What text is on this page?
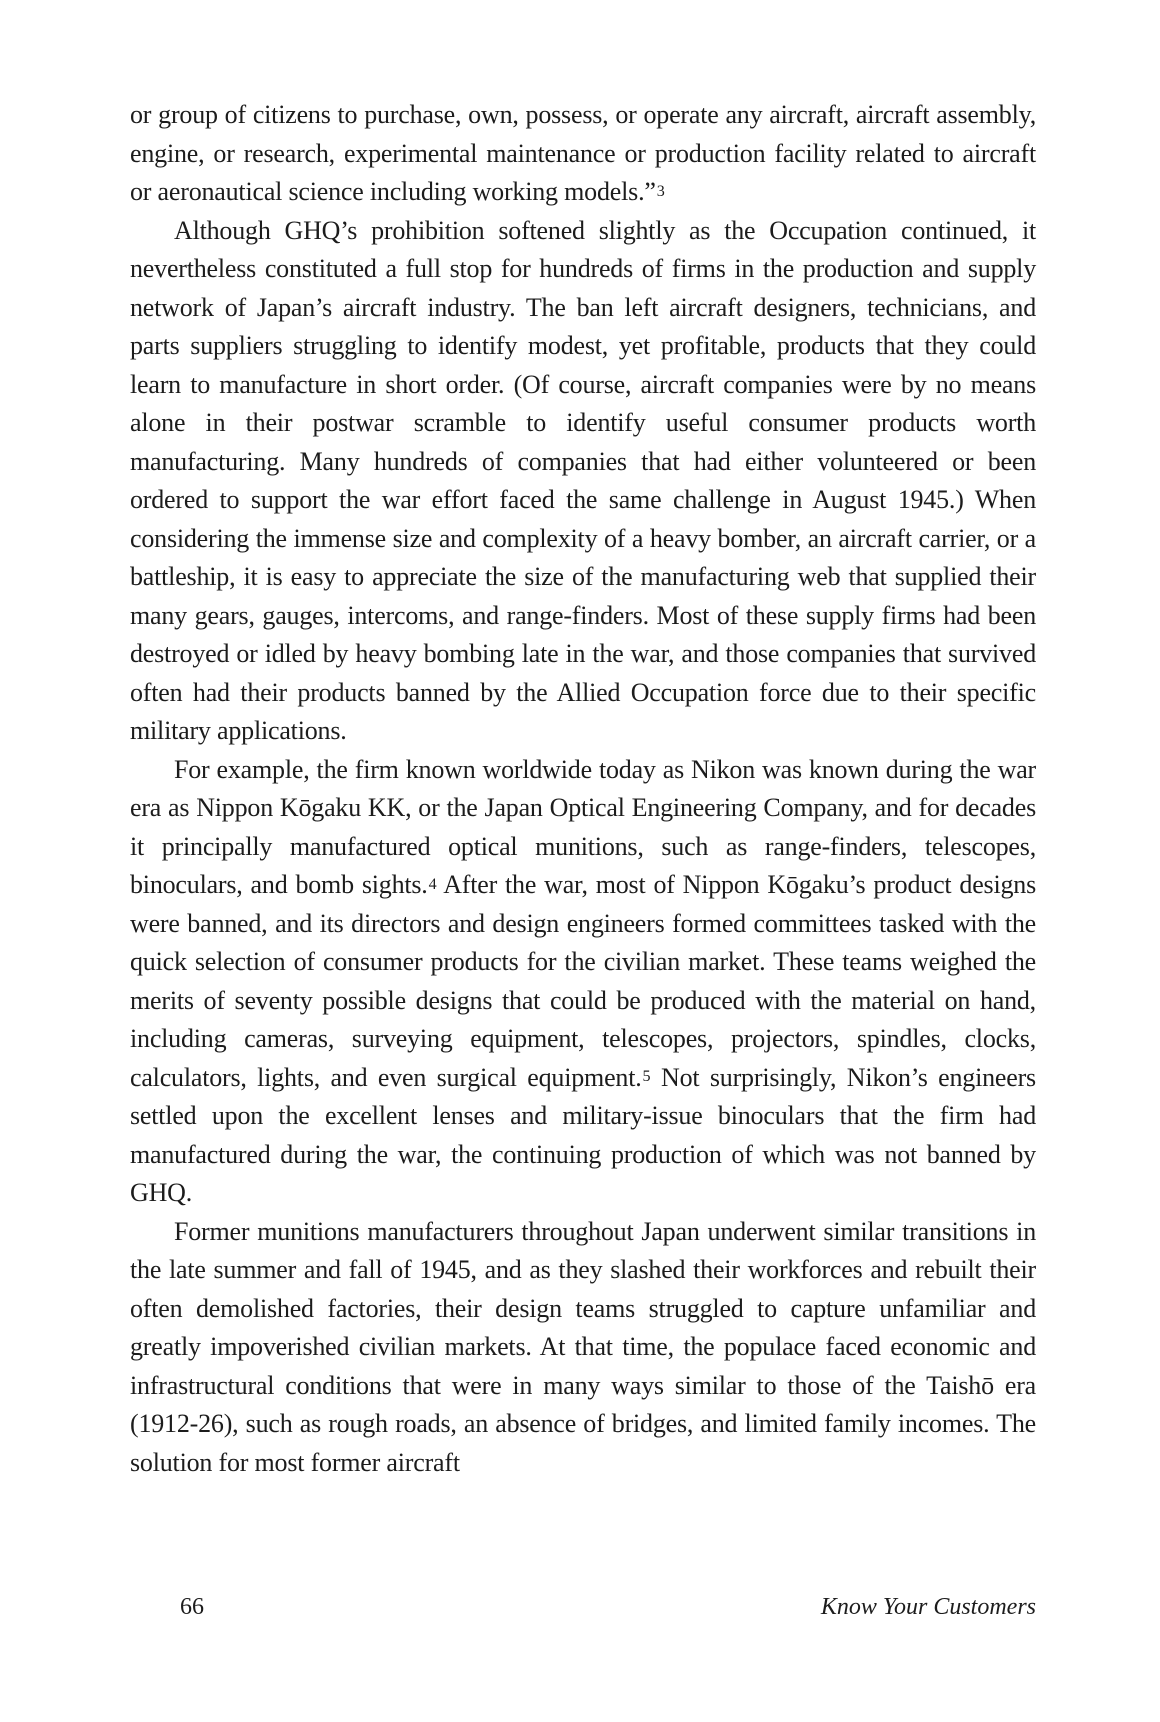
or group of citizens to purchase, own, possess, or operate any aircraft, aircraft assembly, engine, or research, experimental maintenance or production facility related to aircraft or aeronautical science including working models.”$^3$

Although GHQ’s prohibition softened slightly as the Occupation continued, it nevertheless constituted a full stop for hundreds of firms in the production and supply network of Japan’s aircraft industry. The ban left aircraft designers, technicians, and parts suppliers struggling to identify modest, yet profitable, products that they could learn to manufacture in short order. (Of course, aircraft companies were by no means alone in their postwar scramble to identify useful consumer products worth manufacturing. Many hundreds of companies that had either volunteered or been ordered to support the war effort faced the same challenge in August 1945.) When considering the immense size and complexity of a heavy bomber, an aircraft carrier, or a battleship, it is easy to appreciate the size of the manufacturing web that supplied their many gears, gauges, intercoms, and range-finders. Most of these supply firms had been destroyed or idled by heavy bombing late in the war, and those companies that survived often had their products banned by the Allied Occupation force due to their specific military applications.

For example, the firm known worldwide today as Nikon was known during the war era as Nippon Kōgaku KK, or the Japan Optical Engineering Company, and for decades it principally manufactured optical munitions, such as range-finders, telescopes, binoculars, and bomb sights.$^4$ After the war, most of Nippon Kōgaku’s product designs were banned, and its directors and design engineers formed committees tasked with the quick selection of consumer products for the civilian market. These teams weighed the merits of seventy possible designs that could be produced with the material on hand, including cameras, surveying equipment, telescopes, projectors, spindles, clocks, calculators, lights, and even surgical equipment.$^5$ Not surprisingly, Nikon’s engineers settled upon the excellent lenses and military-issue binoculars that the firm had manufactured during the war, the continuing production of which was not banned by GHQ.

Former munitions manufacturers throughout Japan underwent similar transitions in the late summer and fall of 1945, and as they slashed their workforces and rebuilt their often demolished factories, their design teams struggled to capture unfamiliar and greatly impoverished civilian markets. At that time, the populace faced economic and infrastructural conditions that were in many ways similar to those of the Taishō era (1912-26), such as rough roads, an absence of bridges, and limited family incomes. The solution for most former aircraft

66	Know Your Customers
